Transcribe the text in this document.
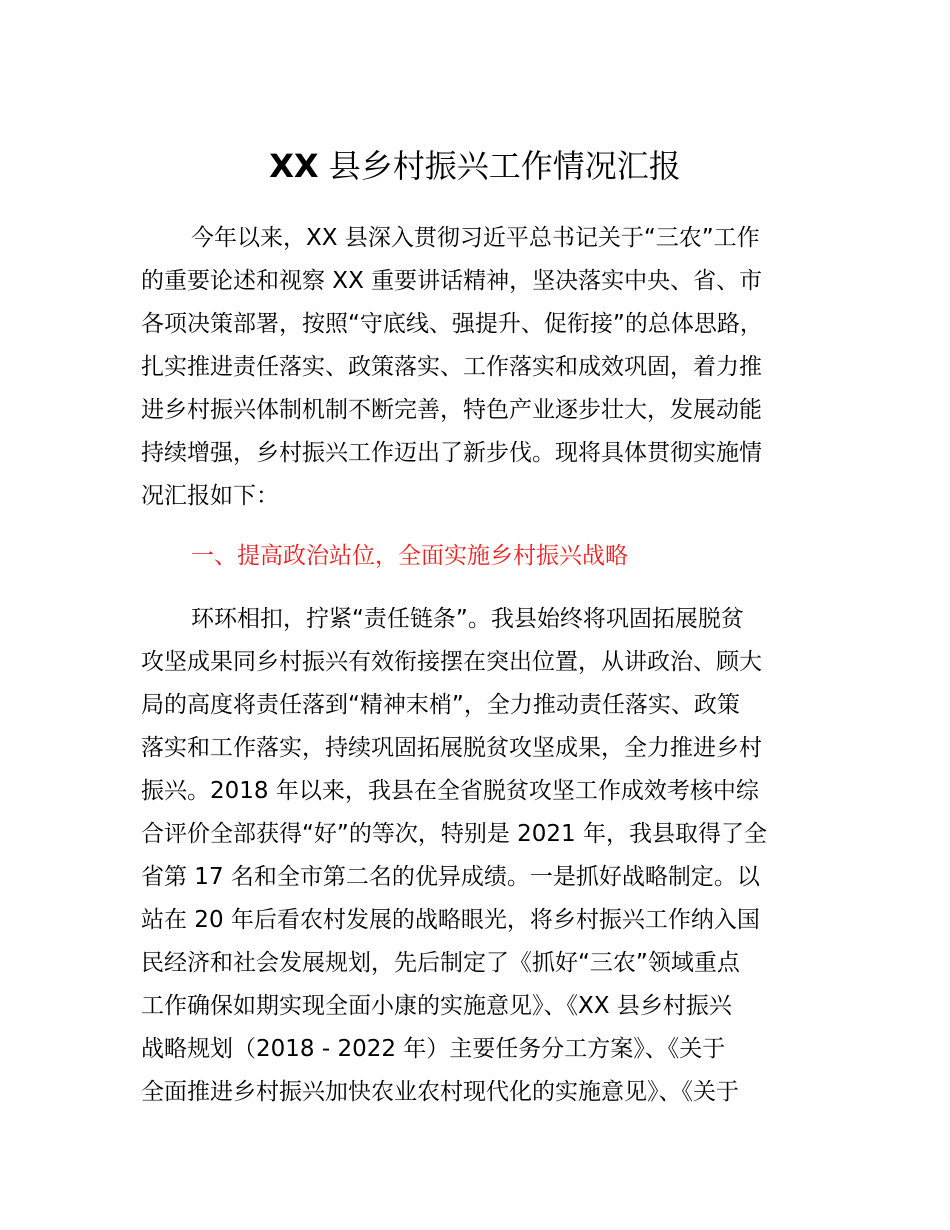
XX 县乡村振兴工作情况汇报
今年以来，XX 县深入贯彻习近平总书记关于“三农”工作
的重要论述和视察 XX 重要讲话精神，坚决落实中央、省、市
各项决策部署，按照“守底线、强提升、促衔接”的总体思路，
扎实推进责任落实、政策落实、工作落实和成效巩固，着力推
进乡村振兴体制机制不断完善，特色产业逐步壮大，发展动能
持续增强，乡村振兴工作迈出了新步伐。现将具体贯彻实施情
况汇报如下：
一、提高政治站位，全面实施乡村振兴战略
环环相扣，拧紧“责任链条”。我县始终将巩固拓展脱贫
攻坚成果同乡村振兴有效衔接摆在突出位置，从讲政治、顾大
局的高度将责任落到“精神末梢”，全力推动责任落实、政策
落实和工作落实，持续巩固拓展脱贫攻坚成果，全力推进乡村
振兴。2018 年以来，我县在全省脱贫攻坚工作成效考核中综
合评价全部获得“好”的等次，特别是 2021 年，我县取得了全
省第 17 名和全市第二名的优异成绩。一是抓好战略制定。以
站在 20 年后看农村发展的战略眼光，将乡村振兴工作纳入国
民经济和社会发展规划，先后制定了《抓好“三农”领域重点
工作确保如期实现全面小康的实施意见》、《XX 县乡村振兴
战略规划（2018 - 2022 年）主要任务分工方案》、《关于
全面推进乡村振兴加快农业农村现代化的实施意见》、《关于
